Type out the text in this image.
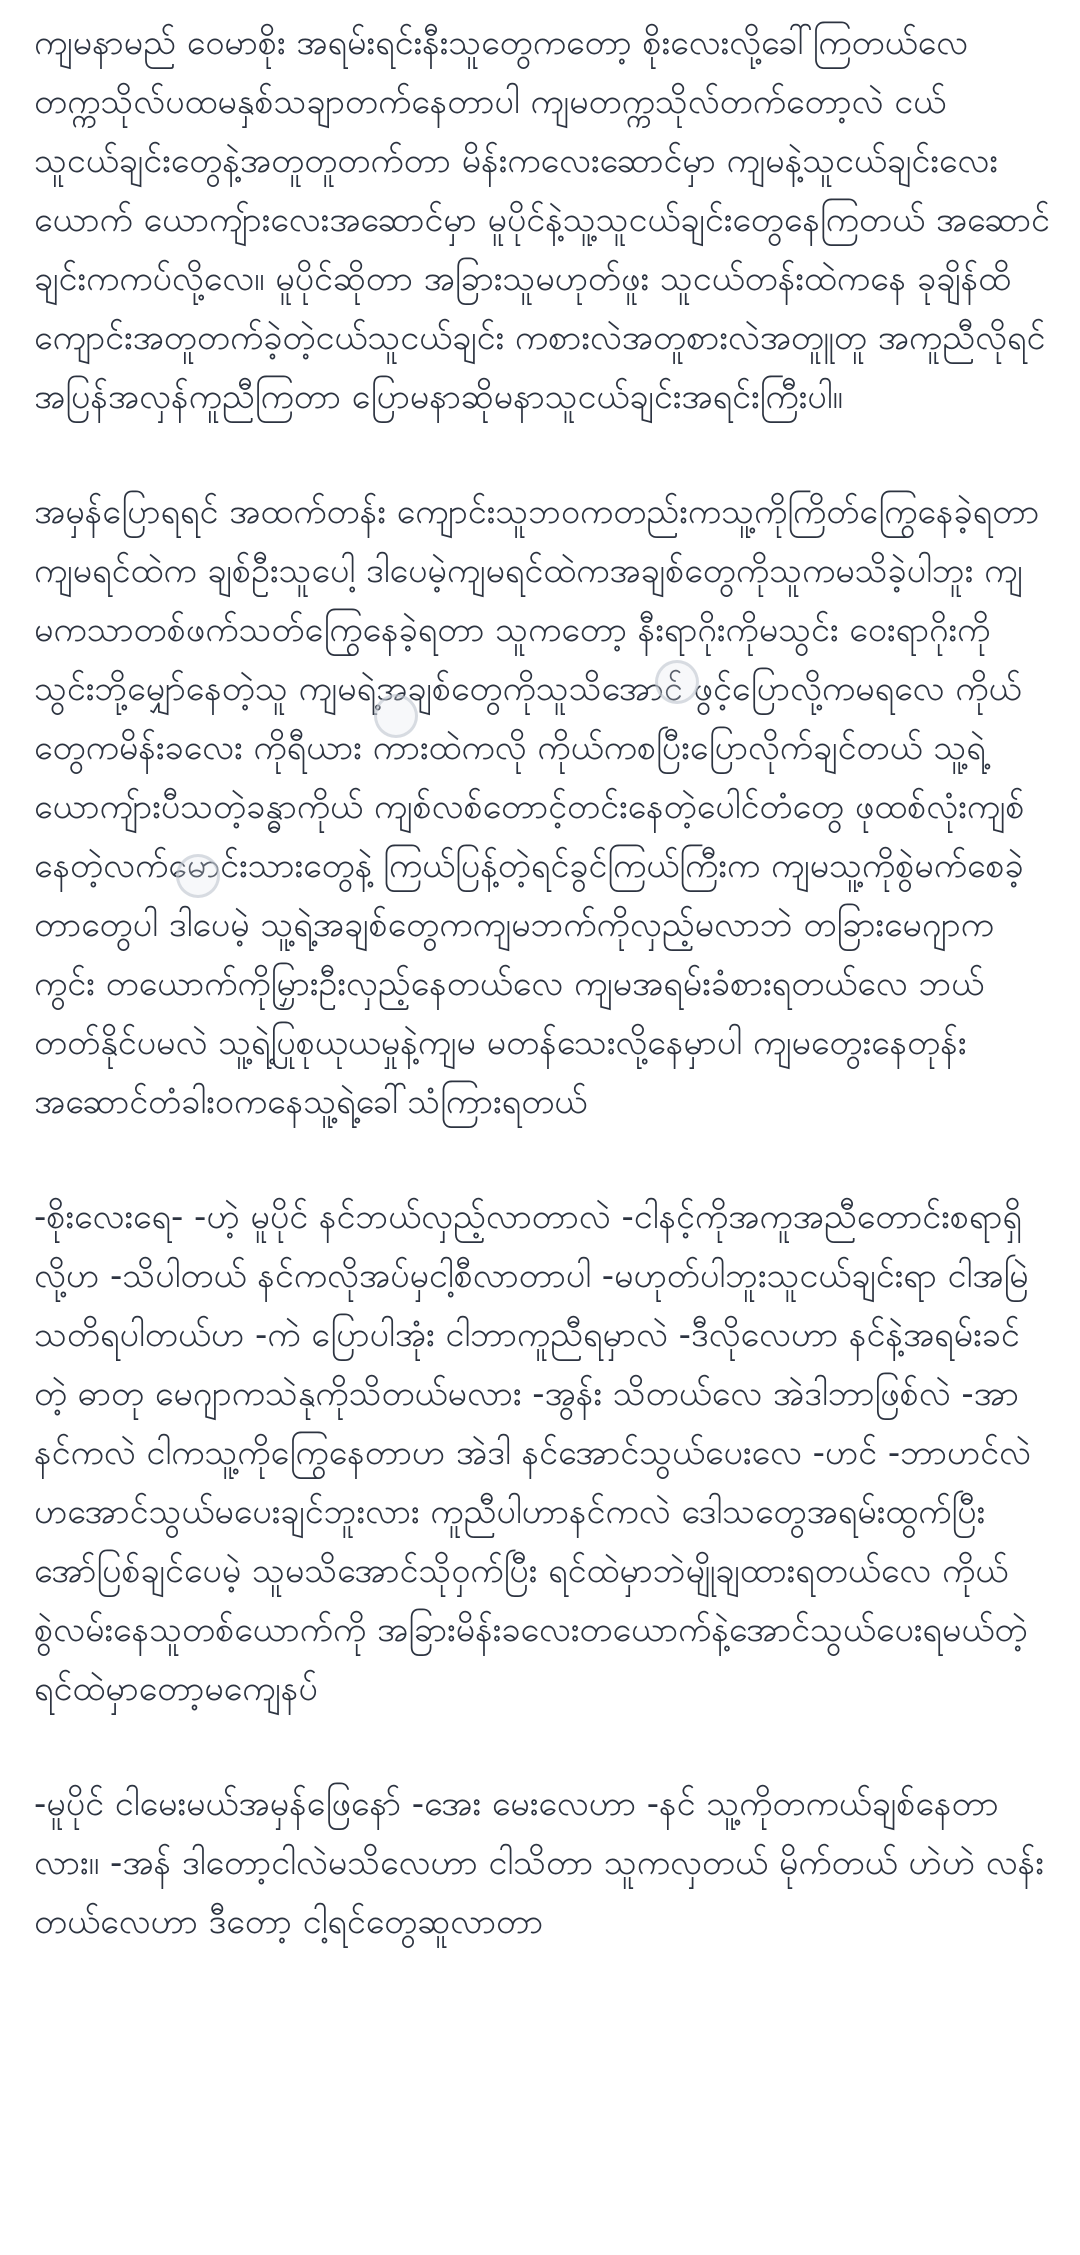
ကျမနာမည် ဝေမာစိုး အရမ်းရင်းနီးသူတွေကတော့ စိုးလေးလို့ခေါ်ကြတယ်လေ တက္ကသိုလ်ပထမနှစ်သချာတက်နေတာပါ ကျမတက္ကသိုလ်တက်တော့လဲ ငယ်သူငယ်ချင်းတွေနဲ့အတူတူတက်တာ မိန်းကလေးဆောင်မှာ ကျမနဲ့သူငယ်ချင်းလေးယောက် ယောကျ်ားလေးအဆောင်မှာ မူပိုင်နဲ့သူ့သူငယ်ချင်းတွေနေကြတယ် အဆောင်ချင်းကကပ်လို့လေ။ မူပိုင်ဆိုတာ အခြားသူမဟုတ်ဖူး သူငယ်တန်းထဲကနေ ခုချိန်ထိကျောင်းအတူတက်ခဲ့တဲ့ငယ်သူငယ်ချင်း ကစားလဲအတူစားလဲအတူူတူ အကူညီလိုရင်အပြန်အလှန်ကူညီကြတာ ပြောမနာဆိုမနာသူငယ်ချင်းအရင်းကြီးပါ။

အမှန်ပြောရရင် အထက်တန်း ကျောင်းသူဘဝကတည်းကသူ့ကိုကြိတ်ကြွေနေခဲ့ရတာ ကျမရင်ထဲက ချစ်ဦးသူပေါ့ ဒါပေမဲ့ကျမရင်ထဲကအချစ်တွေကိုသူကမသိခဲ့ပါဘူး ကျမကသာတစ်ဖက်သတ်ကြွေနေခဲ့ရတာ သူကတော့ နီးရာဂိုးကိုမသွင်း ဝေးရာဂိုးကိုသွင်းဘို့မျှော်နေတဲ့သူ ကျမရဲ့အချစ်တွေကိုသူသိအောင် ဖွင့်ပြောလို့ကမရလေ ကိုယ်တွေကမိန်းခလေး ကိုရီယား ကားထဲကလို ကိုယ်ကစပြီးပြောလိုက်ချင်တယ် သူ့ရဲ့ယောကျ်ားပီသတဲ့ခန္ဓာကိုယ် ကျစ်လစ်တောင့်တင်းနေတဲ့ပေါင်တံတွေ ဖုထစ်လုံးကျစ်နေတဲ့လက်မောင်းသားတွေနဲ့ ကြယ်ပြန့်တဲ့ရင်ခွင်ကြယ်ကြီးက ကျမသူ့ကိုစွဲမက်စေခဲ့တာတွေပါ ဒါပေမဲ့ သူ့ရဲ့အချစ်တွေကကျမဘက်ကိုလှည့်မလာဘဲ တခြားမေဂျာက ကွင်း တယောက်ကိုမြှားဦးလှည့်နေတယ်လေ ကျမအရမ်းခံစားရတယ်လေ ဘယ်တတ်နိုင်ပမလဲ သူ့ရဲ့ပြုစုယုယမှုနဲ့ကျမ မတန်သေးလို့နေမှာပါ ကျမတွေးနေတုန်းအဆောင်တံခါးဝကနေသူ့ရဲ့ခေါ်သံကြားရတယ်

-စိုးလေးရေ- -ဟဲ့ မူပိုင် နင်ဘယ်လှည့်လာတာလဲ -ငါနင့်ကိုအကူအညီတောင်းစရာရှိလို့ဟ -သိပါတယ် နင်ကလိုအပ်မှငါ့စီလာတာပါ -မဟုတ်ပါဘူးသူငယ်ချင်းရာ ငါအမြဲသတိရပါတယ်ဟ -ကဲ ပြောပါအုံး ငါဘာကူညီရမှာလဲ -ဒီလိုလေဟာ နင်နဲ့အရမ်းခင်တဲ့ ဓာတု မေဂျာကသဲနုကိုသိတယ်မလား -အွန်း သိတယ်လေ အဲဒါဘာဖြစ်လဲ -အာ နင်ကလဲ ငါကသူ့ကိုကြွေနေတာဟ အဲဒါ နင်အောင်သွယ်ပေးလေ -ဟင် -ဘာဟင်လဲဟအောင်သွယ်မပေးချင်ဘူးလား ကူညီပါဟာနင်ကလဲ ဒေါသတွေအရမ်းထွက်ပြီး အော်ပြစ်ချင်ပေမဲ့ သူမသိအောင်သိုဝှက်ပြီး ရင်ထဲမှာဘဲမျိုချထားရတယ်လေ ကိုယ်စွဲလမ်းနေသူတစ်ယောက်ကို အခြားမိန်းခလေးတယောက်နဲ့အောင်သွယ်ပေးရမယ်တဲ့ ရင်ထဲမှာတော့မကျေနပ်

-မူပိုင် ငါမေးမယ်အမှန်ဖြေနော် -အေး မေးလေဟာ -နင် သူ့ကိုတကယ်ချစ်နေတာလား၊၊ -အန် ဒါတော့ငါလဲမသိလေဟာ ငါသိတာ သူကလှတယ် မိုက်တယ် ဟဲဟဲ လန်းတယ်လေဟာ ဒီတော့ ငါ့ရင်တွေဆူလာတာ
